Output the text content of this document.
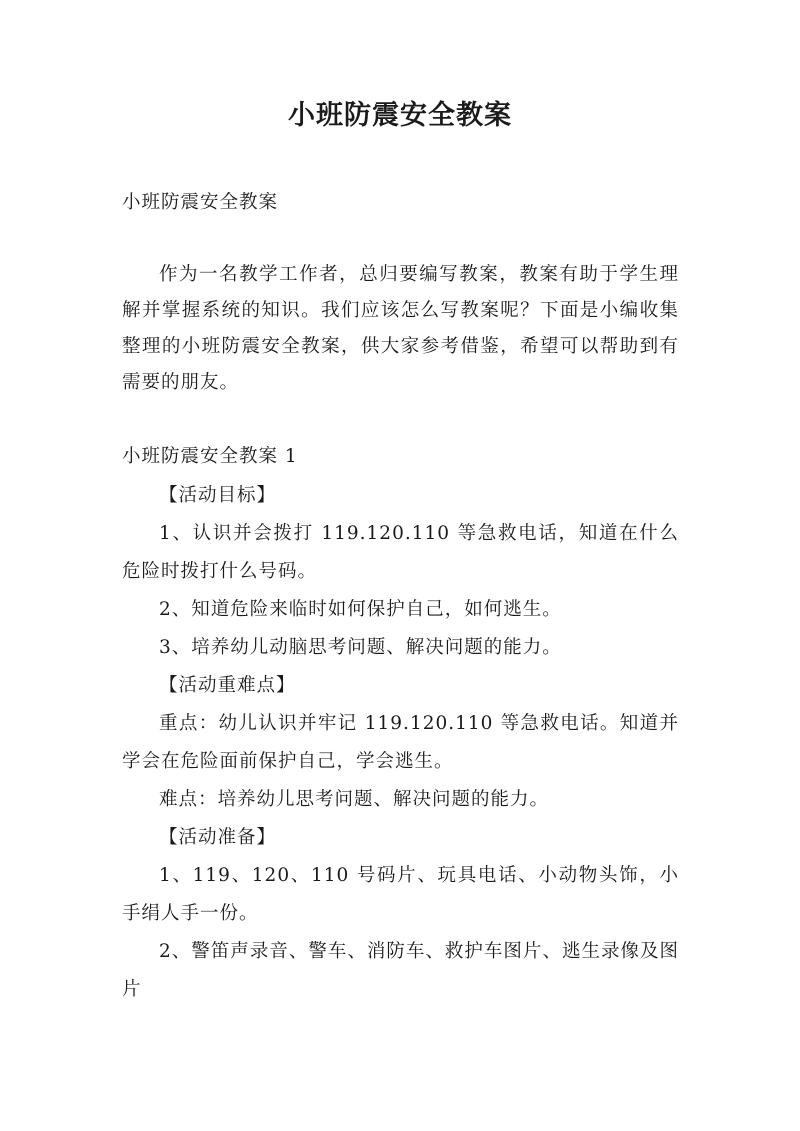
小班防震安全教案

小班防震安全教案

作为一名教学工作者，总归要编写教案，教案有助于学生理解并掌握系统的知识。我们应该怎么写教案呢？下面是小编收集整理的小班防震安全教案，供大家参考借鉴，希望可以帮助到有需要的朋友。

小班防震安全教案 1

【活动目标】

1、认识并会拨打 119.120.110 等急救电话，知道在什么危险时拨打什么号码。

2、知道危险来临时如何保护自己，如何逃生。

3、培养幼儿动脑思考问题、解决问题的能力。

【活动重难点】

重点：幼儿认识并牢记 119.120.110 等急救电话。知道并学会在危险面前保护自己，学会逃生。

难点：培养幼儿思考问题、解决问题的能力。

【活动准备】

1、119、120、110 号码片、玩具电话、小动物头饰，小手绢人手一份。

2、警笛声录音、警车、消防车、救护车图片、逃生录像及图片
